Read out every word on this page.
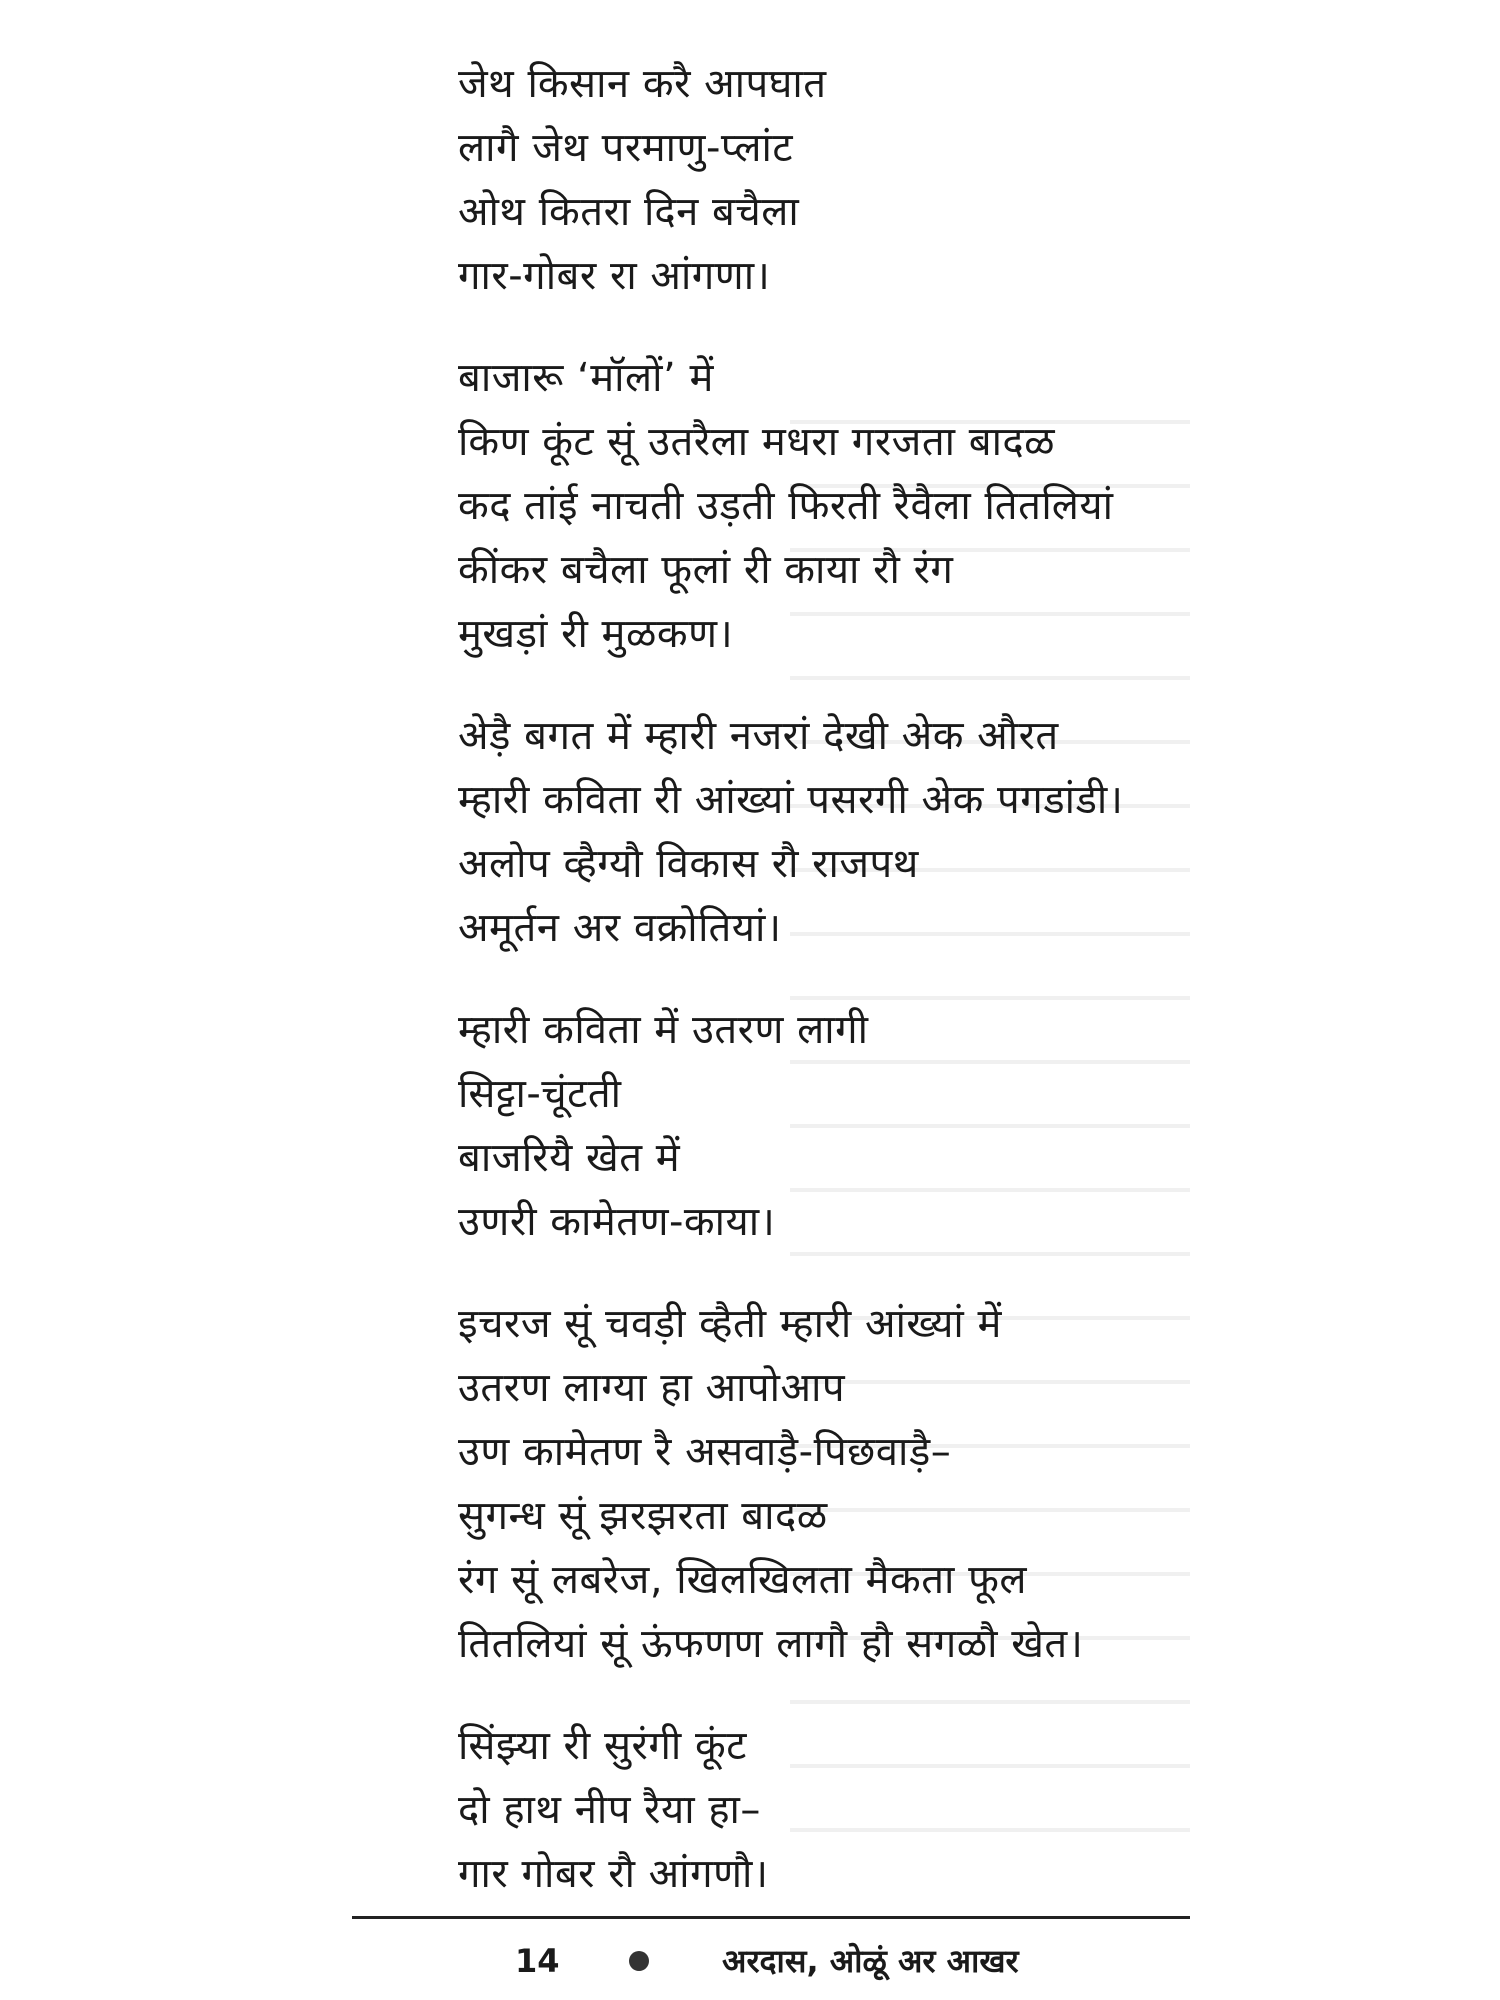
जेथ किसान करै आपघात
लागै जेथ परमाणु-प्लांट
ओथ कितरा दिन बचैला
गार-गोबर रा आंगणा।
बाजारू ‘मॉलों’ में
किण कूंट सूं उतरैला मधरा गरजता बादळ
कद तांई नाचती उड़ती फिरती रैवैला तितलियां
कींकर बचैला फूलां री काया रौ रंग
मुखड़ां री मुळकण।
अेड़ै बगत में म्हारी नजरां देखी अेक औरत
म्हारी कविता री आंख्यां पसरगी अेक पगडांडी।
अलोप व्हैग्यौ विकास रौ राजपथ
अमूर्तन अर वक्रोतियां।
म्हारी कविता में उतरण लागी
सिट्टा-चूंटती
बाजरियै खेत में
उणरी कामेतण-काया।
इचरज सूं चवड़ी व्हैती म्हारी आंख्यां में
उतरण लाग्या हा आपोआप
उण कामेतण रै असवाड़ै-पिछवाड़ै–
सुगन्ध सूं झरझरता बादळ
रंग सूं लबरेज, खिलखिलता मैकता फूल
तितलियां सूं ऊंफणण लागौ हौ सगळौ खेत।
सिंझ्या री सुरंगी कूंट
दो हाथ नीप रैया हा–
गार गोबर रौ आंगणौ।
14	अरदास, ओळूं अर आखर
